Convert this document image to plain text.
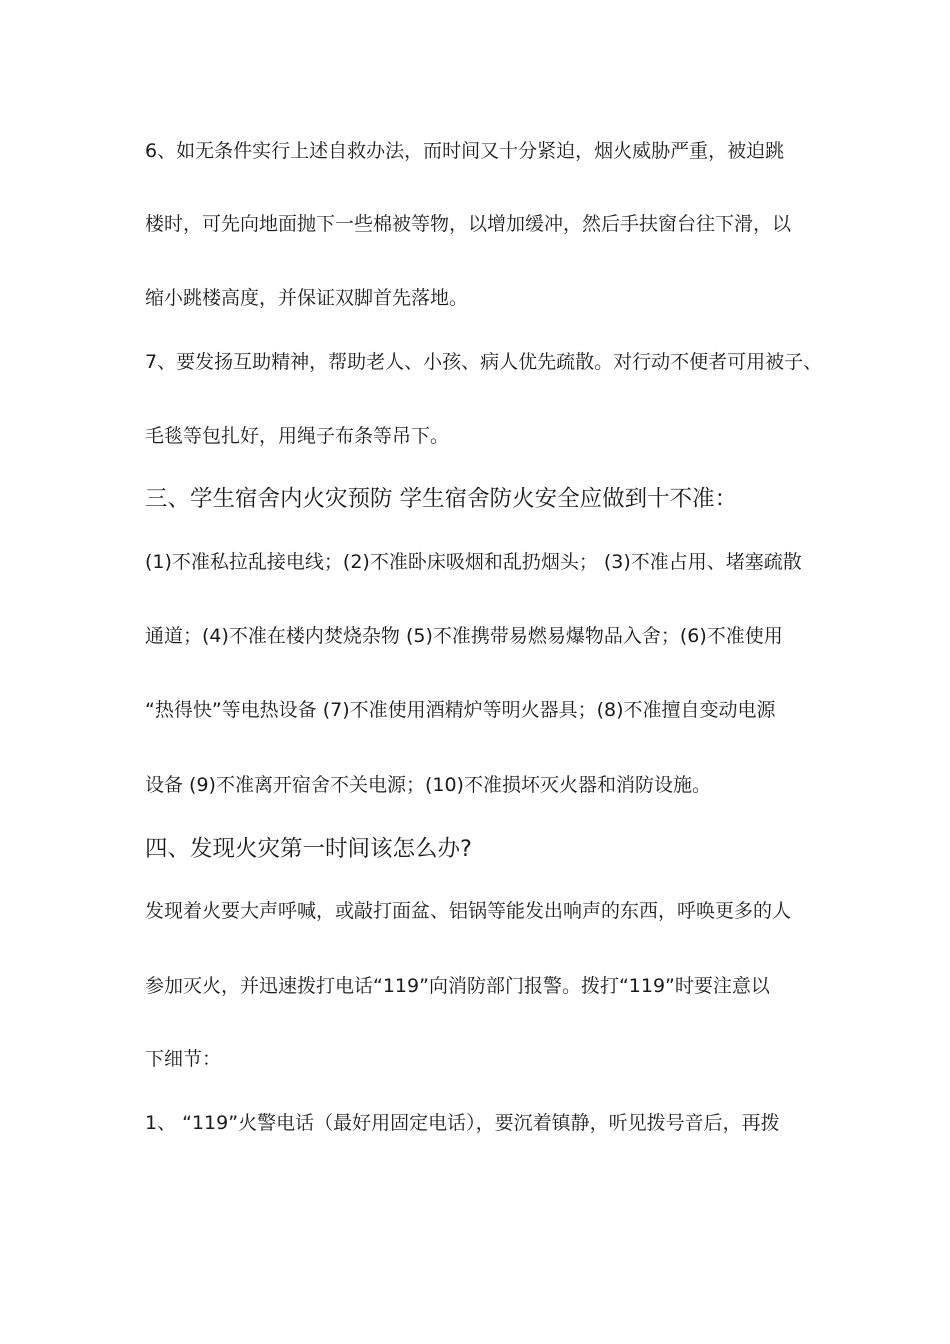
6、如无条件实行上述自救办法，而时间又十分紧迫，烟火威胁严重，被迫跳
楼时，可先向地面抛下一些棉被等物，以增加缓冲，然后手扶窗台往下滑，以
缩小跳楼高度，并保证双脚首先落地。
7、要发扬互助精神，帮助老人、小孩、病人优先疏散。对行动不便者可用被子、
毛毯等包扎好，用绳子布条等吊下。
三、学生宿舍内火灾预防 学生宿舍防火安全应做到十不准：
(1)不准私拉乱接电线；(2)不准卧床吸烟和乱扔烟头； (3)不准占用、堵塞疏散
通道；(4)不准在楼内焚烧杂物 (5)不准携带易燃易爆物品入舍；(6)不准使用
“热得快”等电热设备 (7)不准使用酒精炉等明火器具；(8)不准擅自变动电源
设备 (9)不准离开宿舍不关电源；(10)不准损坏灭火器和消防设施。
四、发现火灾第一时间该怎么办?
发现着火要大声呼喊，或敲打面盆、铝锅等能发出响声的东西，呼唤更多的人
参加灭火，并迅速拨打电话“119”向消防部门报警。拨打“119”时要注意以
下细节：
1、 “119”火警电话（最好用固定电话），要沉着镇静，听见拨号音后，再拨
